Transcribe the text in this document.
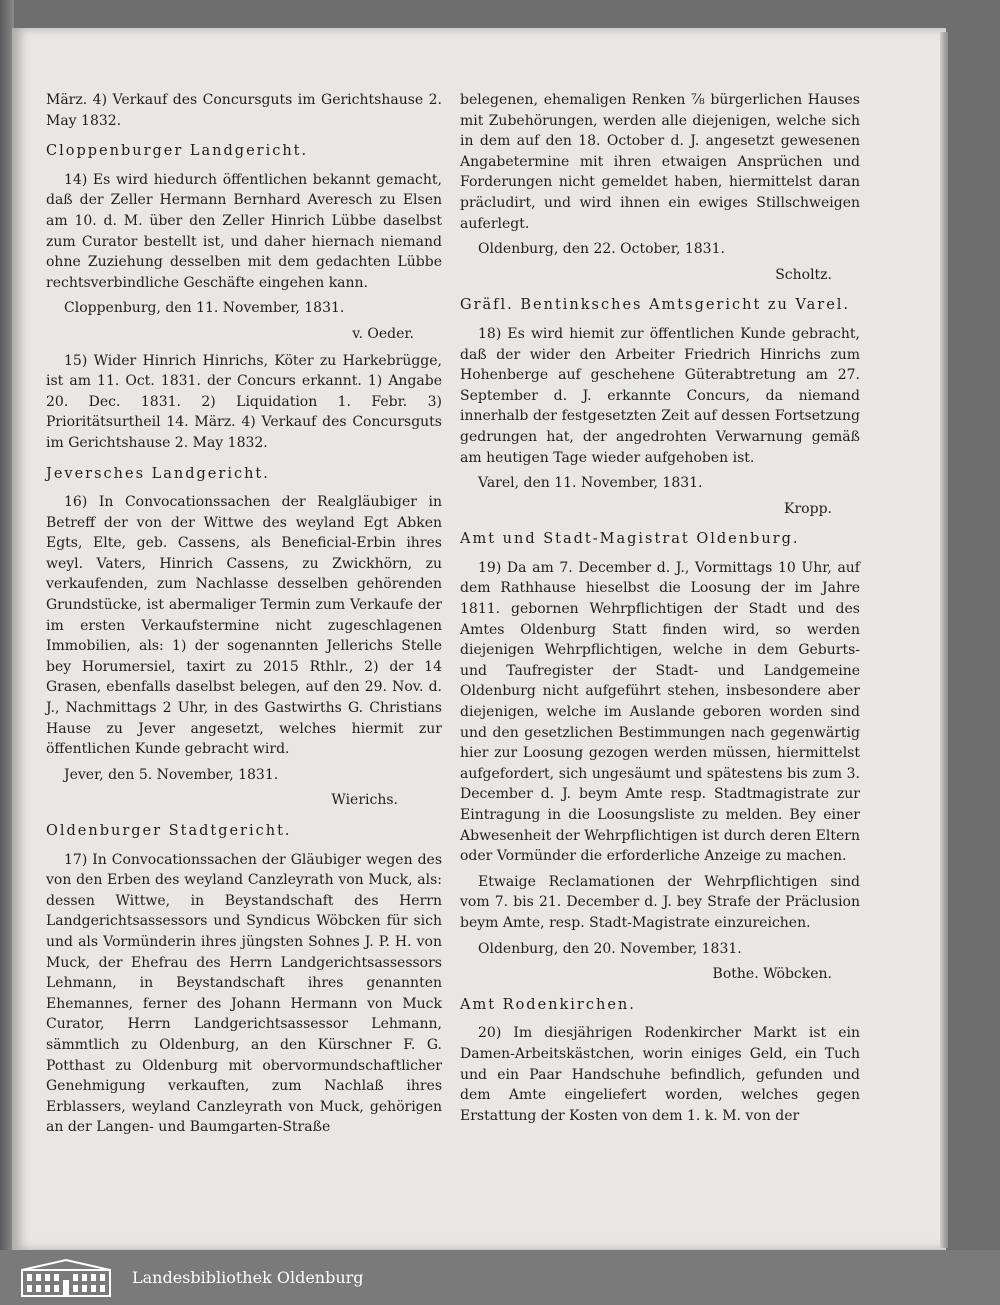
März. 4) Verkauf des Concursguts im Gerichtshause 2. May 1832.

Cloppenburger Landgericht.

14) Es wird hiedurch öffentlichen bekannt gemacht, daß der Zeller Hermann Bernhard Averesch zu Elsen am 10. d. M. über den Zeller Hinrich Lübbe daselbst zum Curator bestellt ist, und daher hiernach niemand ohne Zuziehung desselben mit dem gedachten Lübbe rechtsverbindliche Geschäfte eingehen kann.

Cloppenburg, den 11. November, 1831.

v. Oeder.

15) Wider Hinrich Hinrichs, Köter zu Harkebrügge, ist am 11. Oct. 1831. der Concurs erkannt. 1) Angabe 20. Dec. 1831. 2) Liquidation 1. Febr. 3) Prioritätsurtheil 14. März. 4) Verkauf des Concursguts im Gerichtshause 2. May 1832.

Jeversches Landgericht.

16) In Convocationssachen der Realgläubiger in Betreff der von der Wittwe des weyland Egt Abken Egts, Elte, geb. Cassens, als Beneficial-Erbin ihres weyl. Vaters, Hinrich Cassens, zu Zwickhörn, zu verkaufenden, zum Nachlasse desselben gehörenden Grundstücke, ist abermaliger Termin zum Verkaufe der im ersten Verkaufstermine nicht zugeschlagenen Immobilien, als: 1) der sogenannten Jellerichs Stelle bey Horumersiel, taxirt zu 2015 Rthlr., 2) der 14 Grasen, ebenfalls daselbst belegen, auf den 29. Nov. d. J., Nachmittags 2 Uhr, in des Gastwirths G. Christians Hause zu Jever angesetzt, welches hiermit zur öffentlichen Kunde gebracht wird.

Jever, den 5. November, 1831.

Wierichs.

Oldenburger Stadtgericht.

17) In Convocationssachen der Gläubiger wegen des von den Erben des weyland Canzleyrath von Muck, als: dessen Wittwe, in Beystandschaft des Herrn Landgerichtsassessors und Syndicus Wöbcken für sich und als Vormünderin ihres jüngsten Sohnes J. P. H. von Muck, der Ehefrau des Herrn Landgerichtsassessors Lehmann, in Beystandschaft ihres genannten Ehemannes, ferner des Johann Hermann von Muck Curator, Herrn Landgerichtsassessor Lehmann, sämmtlich zu Oldenburg, an den Kürschner F. G. Potthast zu Oldenburg mit obervormundschaftlicher Genehmigung verkauften, zum Nachlaß ihres Erblassers, weyland Canzleyrath von Muck, gehörigen an der Langen- und Baumgarten-Straße

belegenen, ehemaligen Renken ⅞ bürgerlichen Hauses mit Zubehörungen, werden alle diejenigen, welche sich in dem auf den 18. October d. J. angesetzt gewesenen Angabetermine mit ihren etwaigen Ansprüchen und Forderungen nicht gemeldet haben, hiermittelst daran präcludirt, und wird ihnen ein ewiges Stillschweigen auferlegt.

Oldenburg, den 22. October, 1831.

Scholtz.

Gräfl. Bentinksches Amtsgericht zu Varel.

18) Es wird hiemit zur öffentlichen Kunde gebracht, daß der wider den Arbeiter Friedrich Hinrichs zum Hohenberge auf geschehene Güterabtretung am 27. September d. J. erkannte Concurs, da niemand innerhalb der festgesetzten Zeit auf dessen Fortsetzung gedrungen hat, der angedrohten Verwarnung gemäß am heutigen Tage wieder aufgehoben ist.

Varel, den 11. November, 1831.

Kropp.

Amt und Stadt-Magistrat Oldenburg.

19) Da am 7. December d. J., Vormittags 10 Uhr, auf dem Rathhause hieselbst die Loosung der im Jahre 1811. gebornen Wehrpflichtigen der Stadt und des Amtes Oldenburg Statt finden wird, so werden diejenigen Wehrpflichtigen, welche in dem Geburts- und Taufregister der Stadt- und Landgemeine Oldenburg nicht aufgeführt stehen, insbesondere aber diejenigen, welche im Auslande geboren worden sind und den gesetzlichen Bestimmungen nach gegenwärtig hier zur Loosung gezogen werden müssen, hiermittelst aufgefordert, sich ungesäumt und spätestens bis zum 3. December d. J. beym Amte resp. Stadtmagistrate zur Eintragung in die Loosungsliste zu melden. Bey einer Abwesenheit der Wehrpflichtigen ist durch deren Eltern oder Vormünder die erforderliche Anzeige zu machen.

Etwaige Reclamationen der Wehrpflichtigen sind vom 7. bis 21. December d. J. bey Strafe der Präclusion beym Amte, resp. Stadt-Magistrate einzureichen.

Oldenburg, den 20. November, 1831.

Bothe. Wöbcken.

Amt Rodenkirchen.

20) Im diesjährigen Rodenkircher Markt ist ein Damen-Arbeitskästchen, worin einiges Geld, ein Tuch und ein Paar Handschuhe befindlich, gefunden und dem Amte eingeliefert worden, welches gegen Erstattung der Kosten von dem 1. k. M. von der

Landesbibliothek Oldenburg
